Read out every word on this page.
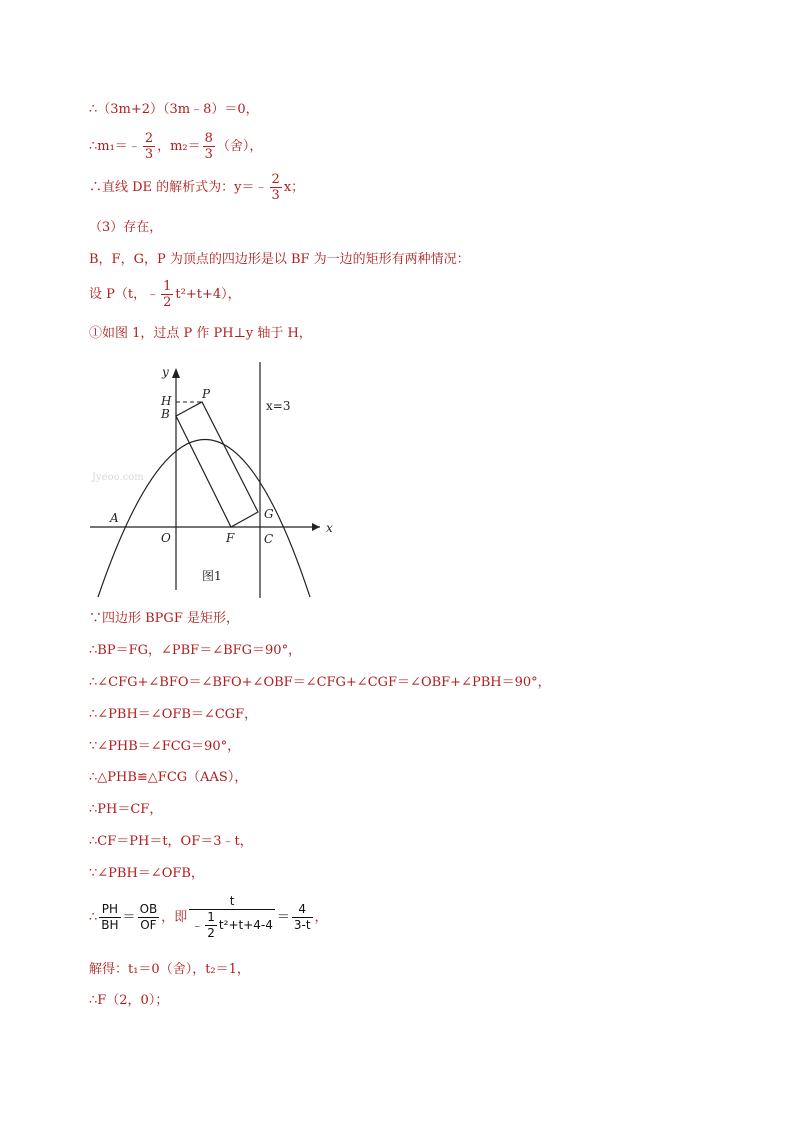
∴（3m+2）（3m﹣8）＝0，
∴m₁＝﹣ $\frac{2}{3}$ ，$m_2= \frac{8}{3}$ （舍），
∴直线 DE 的解析式为：y＝﹣ $\frac{2}{3}$ x；
（3）存在，
B，F，G，P 为顶点的四边形是以 BF 为一边的矩形有两种情况：
设 P（t，﹣ $\frac{1}{2} t^2+t+4$），
①如图 1，过点 P 作 PH⊥y 轴于 H，
Jyeoo.com
y
x
x=3
H	P
B
A
O	F C
G
图1
∵四边形 BPGF 是矩形，
∴BP＝FG，∠PBF＝∠BFG＝90°，
∴∠CFG+∠BFO＝∠BFO+∠OBF＝∠CFG+∠CGF＝∠OBF+∠PBH＝90°，
∴∠PBH＝∠OFB＝∠CGF，
∵∠PHB＝∠FCG＝90°，
∴△PHB≌△FCG（AAS），
∴PH＝CF，
∴CF＝PH＝t，OF＝3﹣t，
∵∠PBH＝∠OFB，
∴ $\frac{PH}{BH} = \frac{OB}{OF}$ ，即 $\frac{t}{﹣ \frac{1}{2} t^2+t+4-4} = \frac{4}{3-t}$ ，
解得：t₁＝0（舍），t₂＝1，
∴F（2，0）；
